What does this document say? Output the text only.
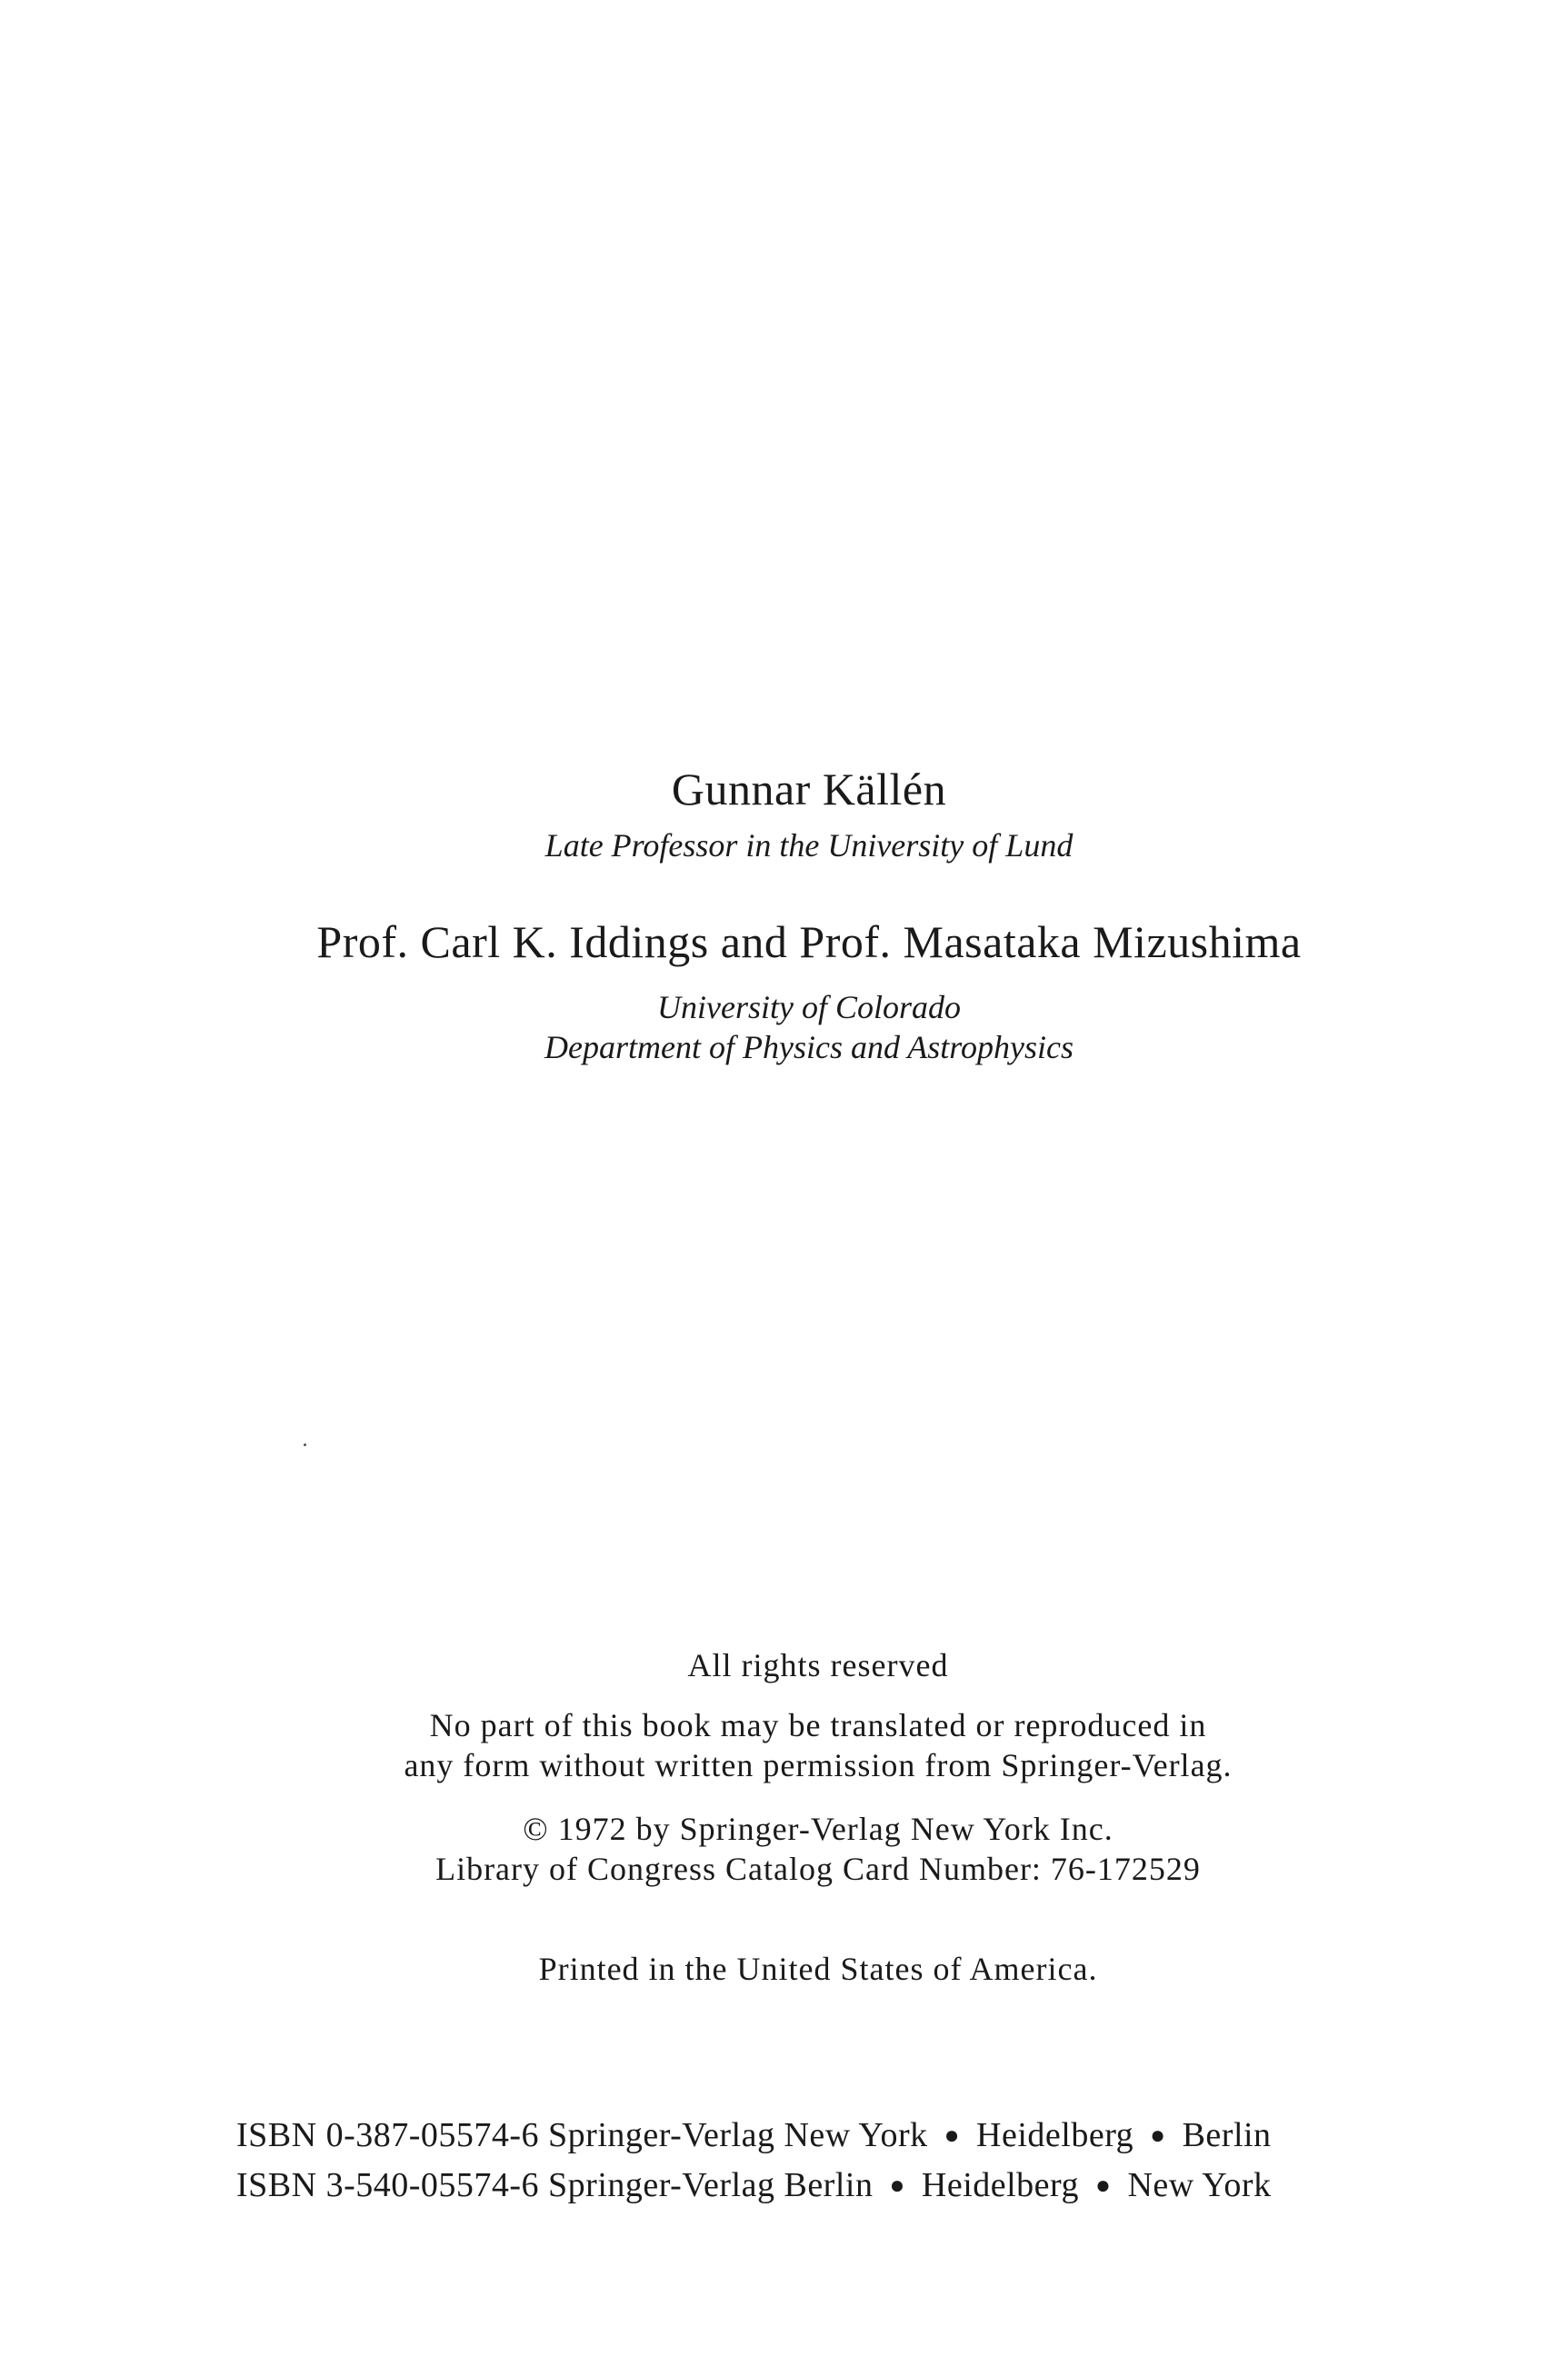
Gunnar Källén
Late Professor in the University of Lund
Prof. Carl K. Iddings and Prof. Masataka Mizushima
University of Colorado
Department of Physics and Astrophysics
All rights reserved
No part of this book may be translated or reproduced in
any form without written permission from Springer-Verlag.
© 1972 by Springer-Verlag New York Inc.
Library of Congress Catalog Card Number: 76-172529
Printed in the United States of America.
ISBN 0-387-05574-6 Springer-Verlag New York ● Heidelberg ● Berlin
ISBN 3-540-05574-6 Springer-Verlag Berlin ● Heidelberg ● New York
